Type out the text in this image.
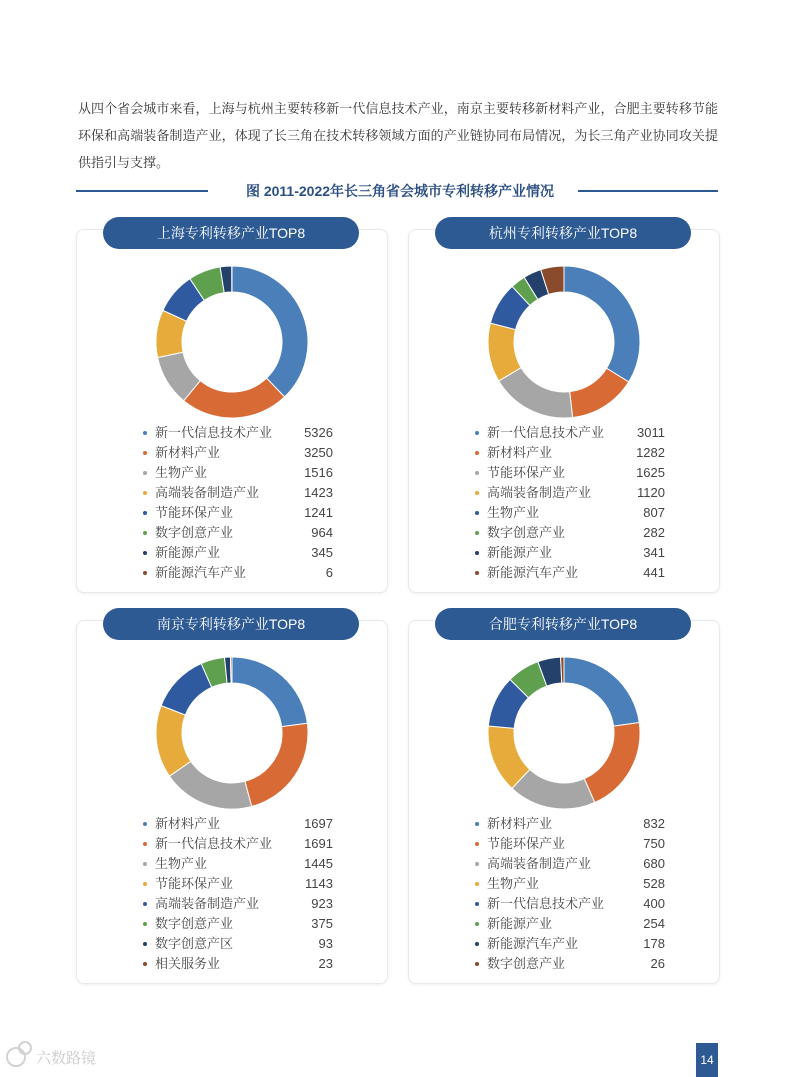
从四个省会城市来看，上海与杭州主要转移新一代信息技术产业，南京主要转移新材料产业，合肥主要转移节能环保和高端装备制造产业，体现了长三角在技术转移领域方面的产业链协同布局情况，为长三角产业协同攻关提供指引与支撑。
图 2011-2022年长三角省会城市专利转移产业情况
上海专利转移产业TOP8
新一代信息技术产业 5326
新材料产业	3250
生物产业	1516
高端装备制造产业	1423
节能环保产业	1241
数字创意产业	964
新能源产业	345
新能源汽车产业	6
杭州专利转移产业TOP8
新一代信息技术产业	3011
新材料产业	1282
节能环保产业	1625
高端装备制造产业	1120
生物产业	807
数字创意产业	282
新能源产业	341
新能源汽车产业	441
南京专利转移产业TOP8
新材料产业	1697
新一代信息技术产业 1691
生物产业	1445
节能环保产业	1143
高端装备制造产业	923
数字创意产业	375
数字创意产区	93
相关服务业	23
合肥专利转移产业TOP8
新材料产业	832
节能环保产业	750
高端装备制造产业	680
生物产业	528
新一代信息技术产业	400
新能源产业	254
新能源汽车产业	178
数字创意产业	26
六数路镜	14
